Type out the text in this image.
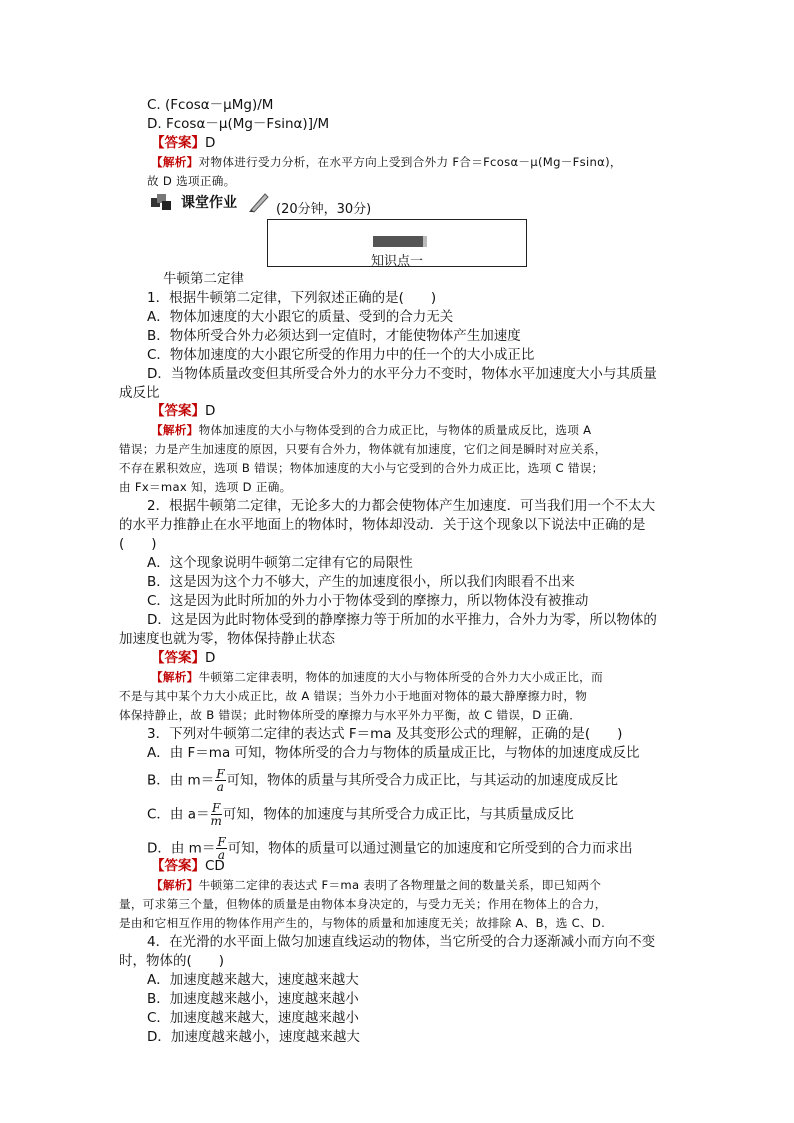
C. (Fcosα－μMg)/M
D. Fcosα－μ(Mg－Fsinα)]/M
【答案】D
【解析】对物体进行受力分析，在水平方向上受到合外力 F合＝Fcosα－μ(Mg－Fsinα)，
故 D 选项正确。
课堂作业	(20分钟，30分)
知识点一
牛顿第二定律
1．根据牛顿第二定律，下列叙述正确的是(　　)
A．物体加速度的大小跟它的质量、受到的合力无关
B．物体所受合外力必须达到一定值时，才能使物体产生加速度
C．物体加速度的大小跟它所受的作用力中的任一个的大小成正比
D．当物体质量改变但其所受合外力的水平分力不变时，物体水平加速度大小与其质量
成反比
【答案】D
【解析】物体加速度的大小与物体受到的合力成正比，与物体的质量成反比，选项 A
错误；力是产生加速度的原因，只要有合外力，物体就有加速度，它们之间是瞬时对应关系，
不存在累积效应，选项 B 错误；物体加速度的大小与它受到的合外力成正比，选项 C 错误；
由 Fx＝max 知，选项 D 正确。
2．根据牛顿第二定律，无论多大的力都会使物体产生加速度．可当我们用一个不太大
的水平力推静止在水平地面上的物体时，物体却没动．关于这个现象以下说法中正确的是
(　　)
A．这个现象说明牛顿第二定律有它的局限性
B．这是因为这个力不够大，产生的加速度很小，所以我们肉眼看不出来
C．这是因为此时所加的外力小于物体受到的摩擦力，所以物体没有被推动
D．这是因为此时物体受到的静摩擦力等于所加的水平推力，合外力为零，所以物体的
加速度也就为零，物体保持静止状态
【答案】D
【解析】牛顿第二定律表明，物体的加速度的大小与物体所受的合外力大小成正比，而
不是与其中某个力大小成正比，故 A 错误；当外力小于地面对物体的最大静摩擦力时，物
体保持静止，故 B 错误；此时物体所受的摩擦力与水平外力平衡，故 C 错误，D 正确．
3．下列对牛顿第二定律的表达式 F＝ma 及其变形公式的理解，正确的是(　　)
A．由 F＝ma 可知，物体所受的合力与物体的质量成正比，与物体的加速度成反比
B．由 $m= \frac{F}{a}$ 可知，物体的质量与其所受合力成正比，与其运动的加速度成反比
C．由 $a= \frac{F}{m}$ 可知，物体的加速度与其所受合力成正比，与其质量成反比
D．由 $m= \frac{F}{a}$ 可知，物体的质量可以通过测量它的加速度和它所受到的合力而求出
【答案】CD
【解析】牛顿第二定律的表达式 F＝ma 表明了各物理量之间的数量关系，即已知两个
量，可求第三个量，但物体的质量是由物体本身决定的，与受力无关；作用在物体上的合力，
是由和它相互作用的物体作用产生的，与物体的质量和加速度无关；故排除 A、B，选 C、D.
4．在光滑的水平面上做匀加速直线运动的物体，当它所受的合力逐渐减小而方向不变
时，物体的(　　)
A．加速度越来越大，速度越来越大
B．加速度越来越小，速度越来越小
C．加速度越来越大，速度越来越小
D．加速度越来越小，速度越来越大
